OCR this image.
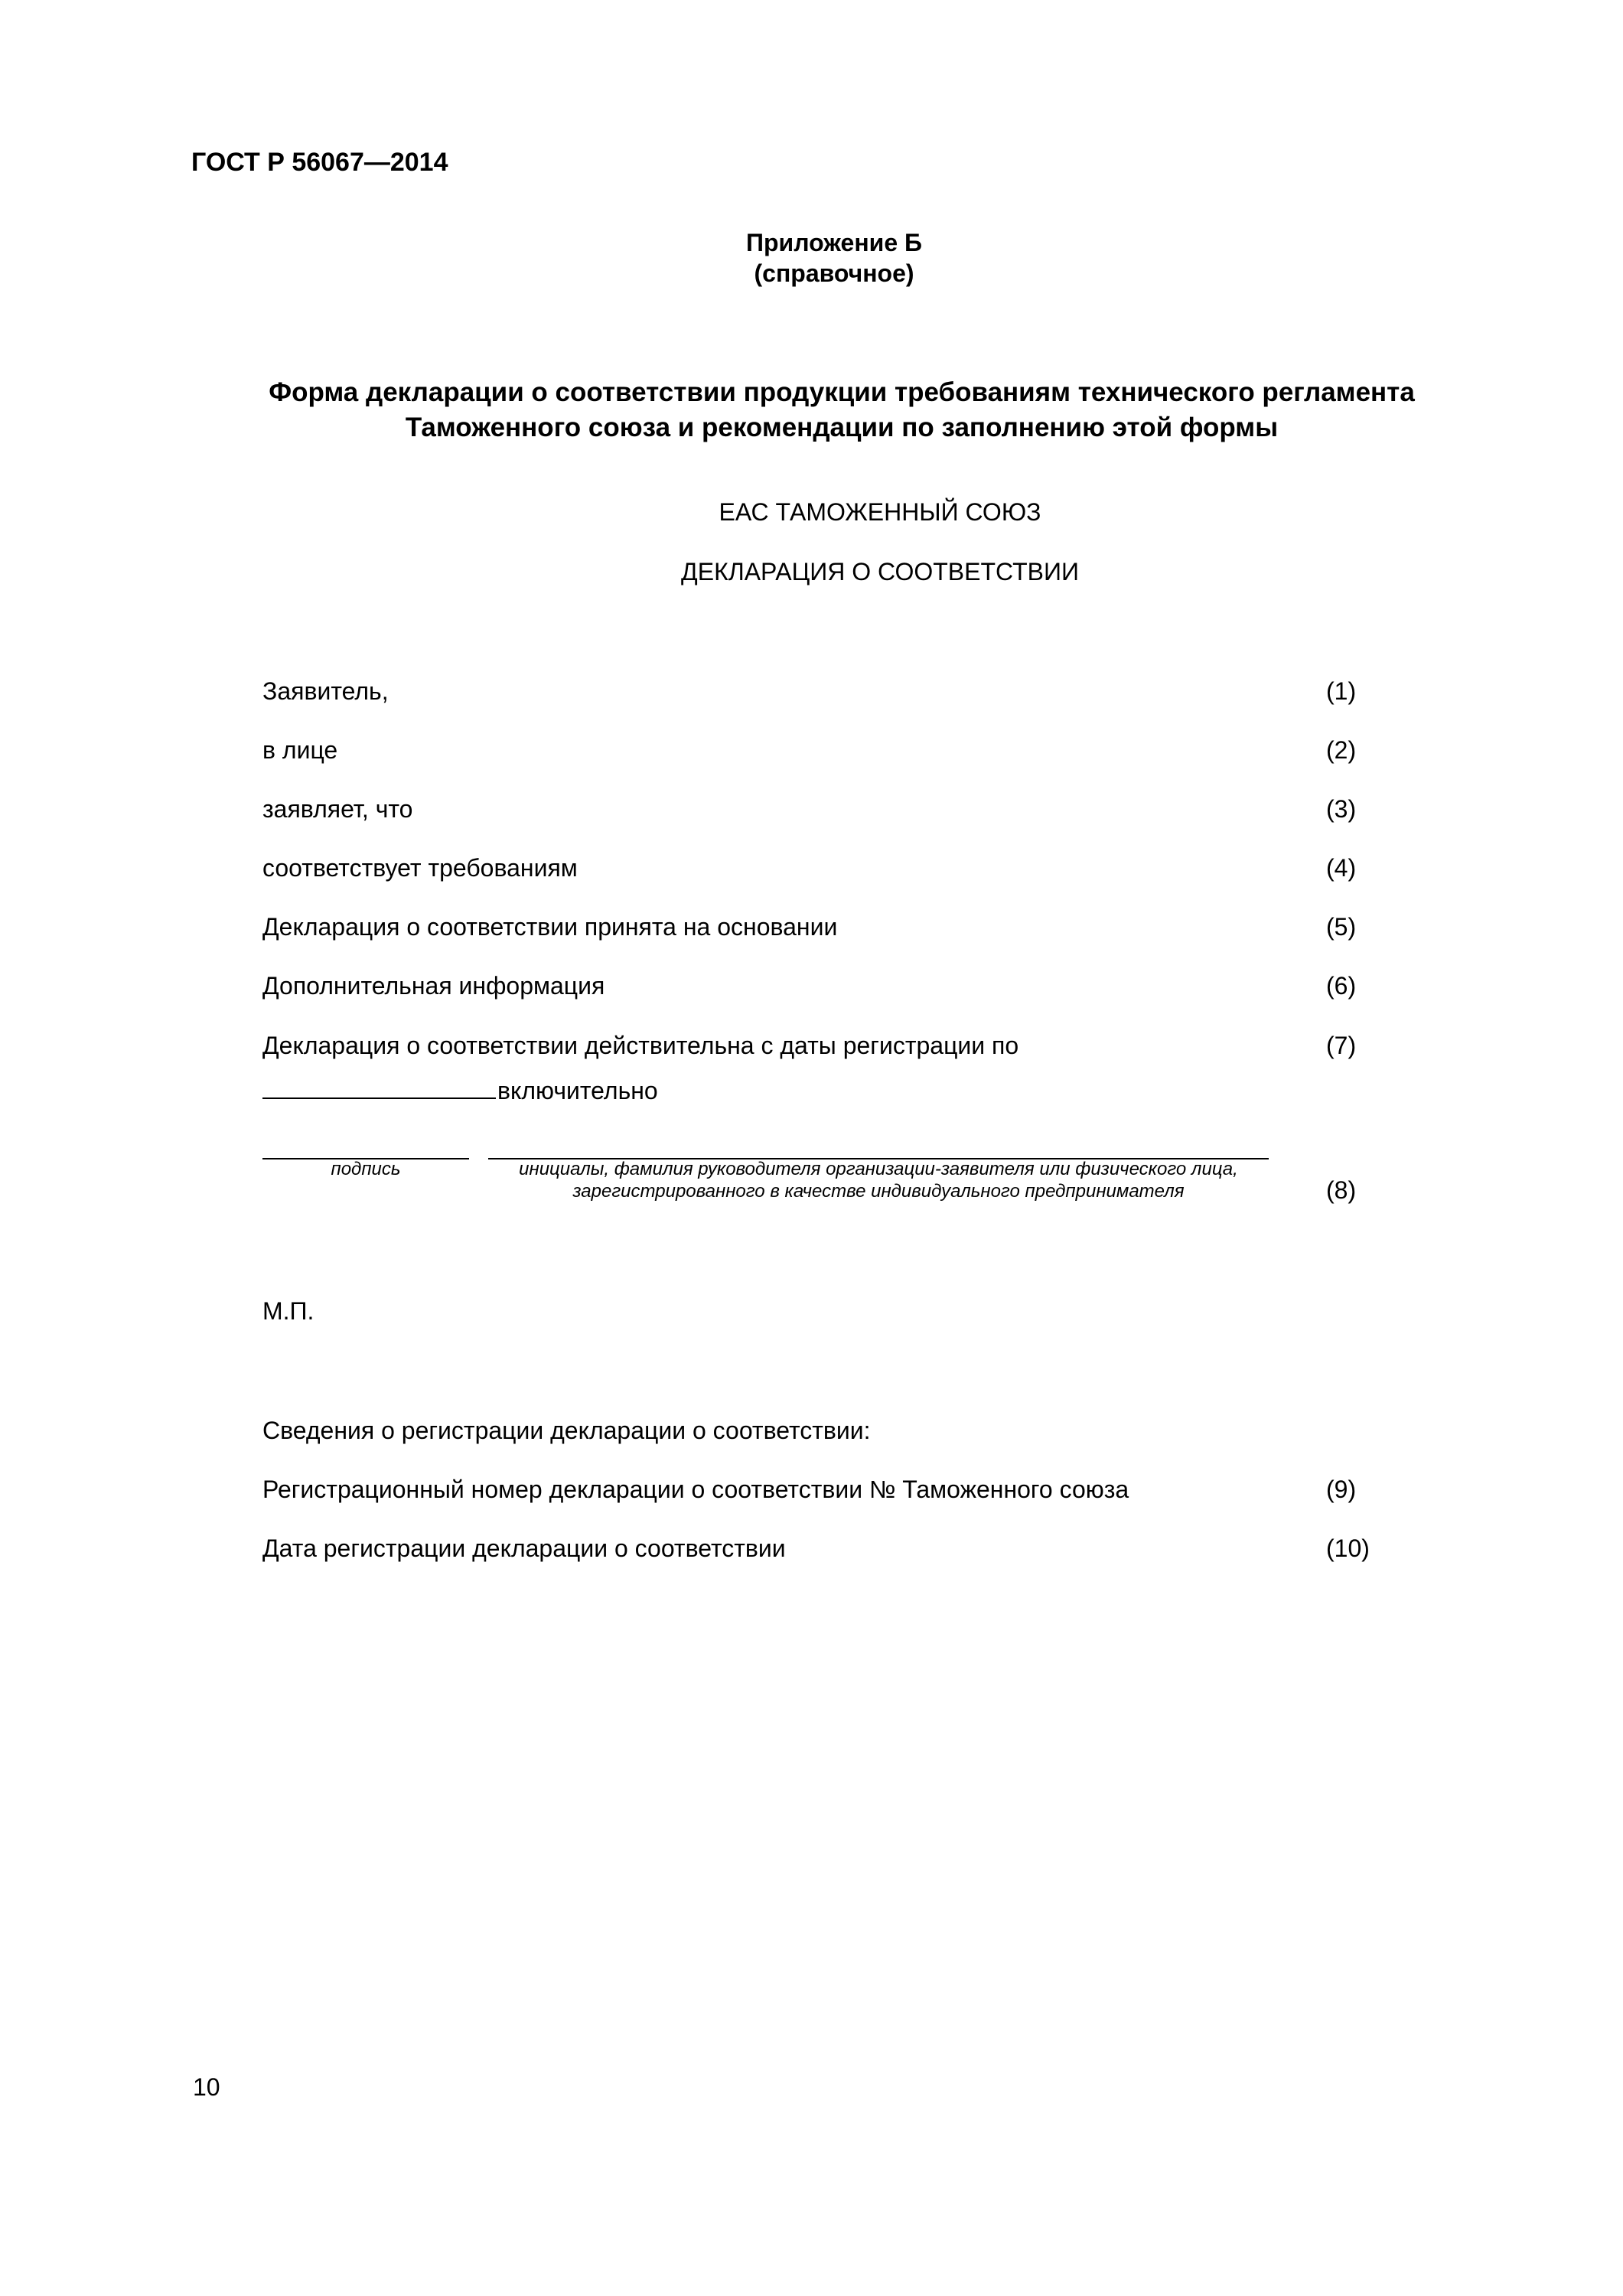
ГОСТ Р 56067—2014
Приложение Б
(справочное)
Форма декларации о соответствии продукции требованиям технического регламента
Таможенного союза и рекомендации по заполнению этой формы
ЕАС ТАМОЖЕННЫЙ СОЮЗ
ДЕКЛАРАЦИЯ О СООТВЕТСТВИИ
Заявитель,	(1)
в лице	(2)
заявляет, что	(3)
соответствует требованиям	(4)
Декларация о соответствии принята на основании	(5)
Дополнительная информация	(6)
Декларация о соответствии действительна с даты регистрации по	(7)
включительно
подпись	инициалы, фамилия руководителя организации-заявителя или физического лица,
зарегистрированного в качестве индивидуального предпринимателя	(8)
М.П.
Сведения о регистрации декларации о соответствии:
Регистрационный номер декларации о соответствии № Таможенного союза	(9)
Дата регистрации декларации о соответствии	(10)
10
